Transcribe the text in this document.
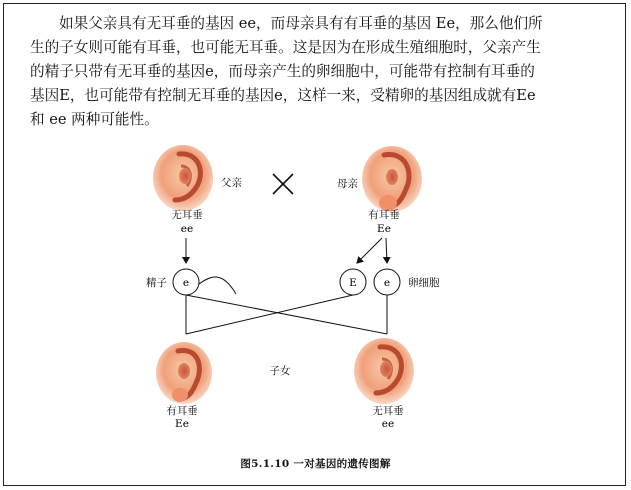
如果父亲具有无耳垂的基因 ee，而母亲具有有耳垂的基因 Ee，那么他们所

生的子女则可能有耳垂，也可能无耳垂。这是因为在形成生殖细胞时，父亲产生

的精子只带有无耳垂的基因e，而母亲产生的卵细胞中，可能带有控制有耳垂的

基因E，也可能带有控制无耳垂的基因e，这样一来，受精卵的基因组成就有Ee

和 ee 两种可能性。

父亲	母亲
无耳垂
ee
有耳垂
Ee
精子 e	E	e 卵细胞
子女
有耳垂
Ee
无耳垂
ee
图5.1.10 一对基因的遗传图解
